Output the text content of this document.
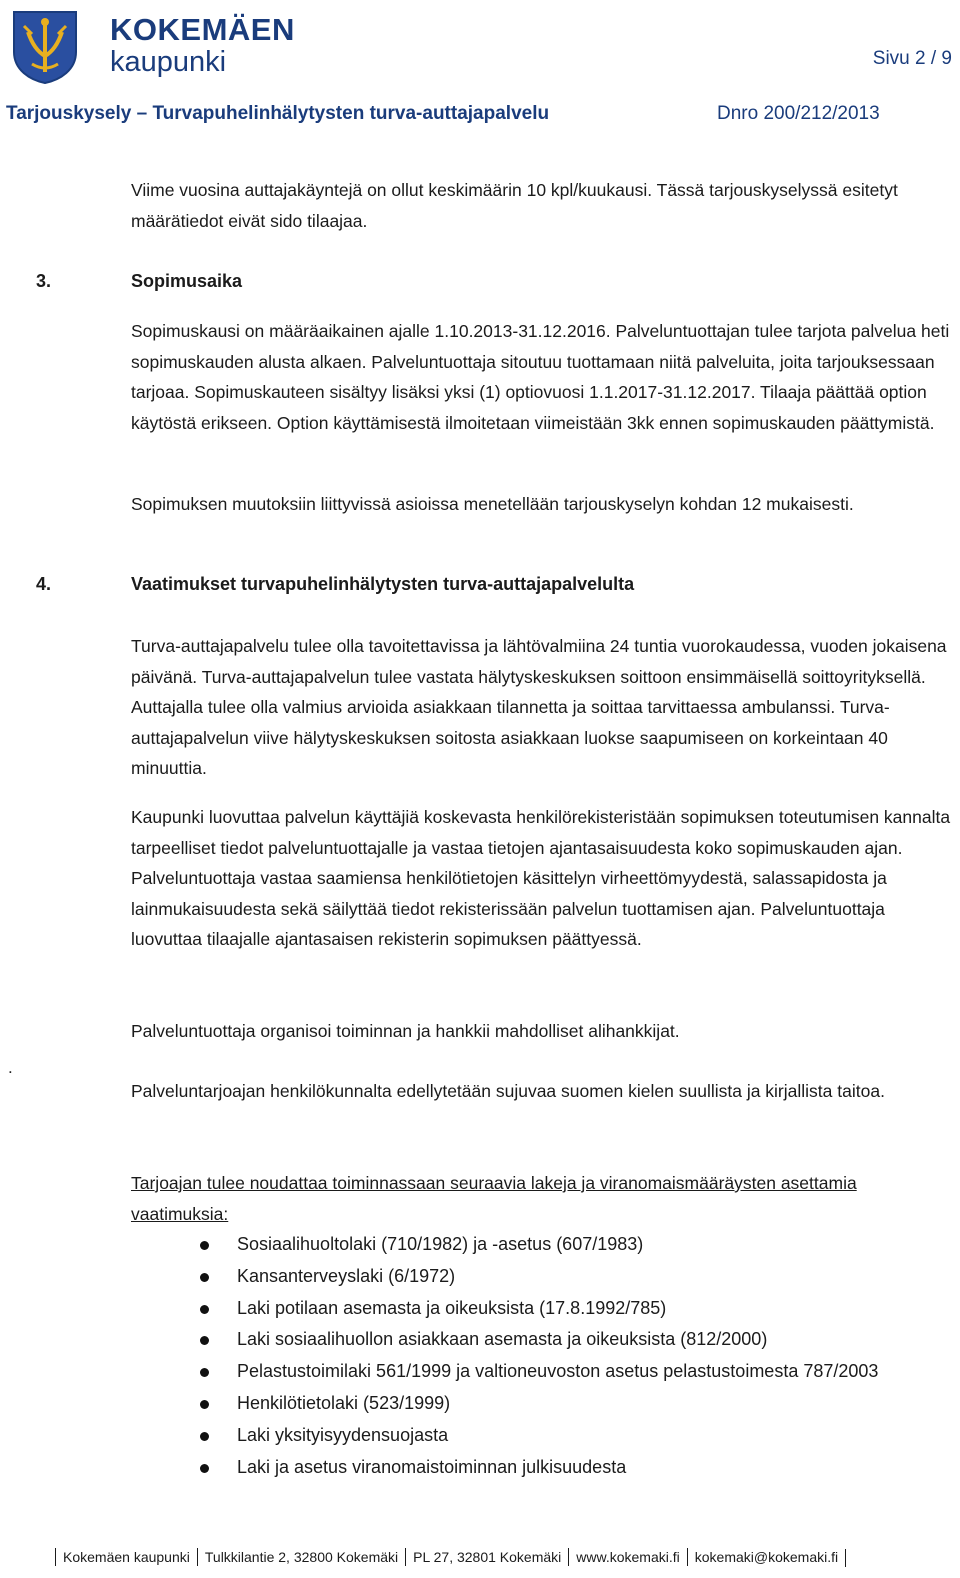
KOKEMÄEN
kaupunki	Sivu 2 / 9
Tarjouskysely – Turvapuhelinhälytysten turva-auttajapalvelu	Dnro 200/212/2013
Viime vuosina auttajakäyntejä on ollut keskimäärin 10 kpl/kuukausi. Tässä tarjouskyselyssä esitetyt määrätiedot eivät sido tilaajaa.
3.	Sopimusaika
Sopimuskausi on määräaikainen ajalle 1.10.2013-31.12.2016. Palveluntuottajan tulee tarjota palvelua heti sopimuskauden alusta alkaen. Palveluntuottaja sitoutuu tuottamaan niitä palveluita, joita tarjouksessaan tarjoaa. Sopimuskauteen sisältyy lisäksi yksi (1) optiovuosi 1.1.2017-31.12.2017. Tilaaja päättää option käytöstä erikseen. Option käyttämisestä ilmoitetaan viimeistään 3kk ennen sopimuskauden päättymistä.
Sopimuksen muutoksiin liittyvissä asioissa menetellään tarjouskyselyn kohdan 12 mukaisesti.
4.	Vaatimukset turvapuhelinhälytysten turva-auttajapalvelulta
Turva-auttajapalvelu tulee olla tavoitettavissa ja lähtövalmiina 24 tuntia vuorokaudessa, vuoden jokaisena päivänä. Turva-auttajapalvelun tulee vastata hälytyskeskuksen soittoon ensimmäisellä soittoyrityksellä. Auttajalla tulee olla valmius arvioida asiakkaan tilannetta ja soittaa tarvittaessa ambulanssi. Turva-auttajapalvelun viive hälytyskeskuksen soitosta asiakkaan luokse saapumiseen on korkeintaan 40 minuuttia.
Kaupunki luovuttaa palvelun käyttäjiä koskevasta henkilörekisteristään sopimuksen toteutumisen kannalta tarpeelliset tiedot palveluntuottajalle ja vastaa tietojen ajantasaisuudesta koko sopimuskauden ajan. Palveluntuottaja vastaa saamiensa henkilötietojen käsittelyn virheettömyydestä, salassapidosta ja lainmukaisuudesta sekä säilyttää tiedot rekisterissään palvelun tuottamisen ajan. Palveluntuottaja luovuttaa tilaajalle ajantasaisen rekisterin sopimuksen päättyessä.
.
Palveluntuottaja organisoi toiminnan ja hankkii mahdolliset alihankkijat.
Palveluntarjoajan henkilökunnalta edellytetään sujuvaa suomen kielen suullista ja kirjallista taitoa.
Tarjoajan tulee noudattaa toiminnassaan seuraavia lakeja ja viranomaismääräysten asettamia vaatimuksia:
Sosiaalihuoltolaki (710/1982) ja -asetus (607/1983)
Kansanterveyslaki (6/1972)
Laki potilaan asemasta ja oikeuksista (17.8.1992/785)
Laki sosiaalihuollon asiakkaan asemasta ja oikeuksista (812/2000)
Pelastustoimilaki 561/1999 ja valtioneuvoston asetus pelastustoimesta 787/2003
Henkilötietolaki (523/1999)
Laki yksityisyydensuojasta
Laki ja asetus viranomaistoiminnan julkisuudesta
Kokemäen kaupunki Tulkkilantie 2, 32800 Kokemäki PL 27, 32801 Kokemäki www.kokemaki.fi kokemaki@kokemaki.fi
